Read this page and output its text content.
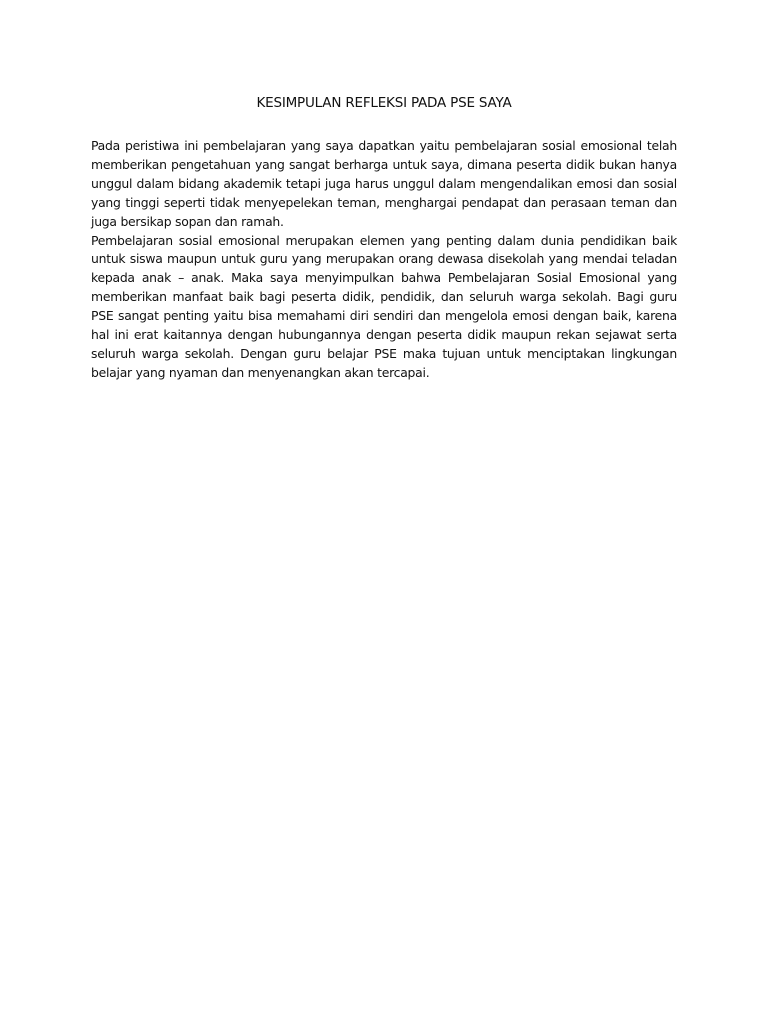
KESIMPULAN REFLEKSI PADA PSE SAYA

Pada peristiwa ini pembelajaran yang saya dapatkan yaitu pembelajaran sosial emosional telah memberikan pengetahuan yang sangat berharga untuk saya, dimana peserta didik bukan hanya unggul dalam bidang akademik tetapi juga harus unggul dalam mengendalikan emosi dan sosial yang tinggi seperti tidak menyepelekan teman, menghargai pendapat dan perasaan teman dan juga bersikap sopan dan ramah.

Pembelajaran sosial emosional merupakan elemen yang penting dalam dunia pendidikan baik untuk siswa maupun untuk guru yang merupakan orang dewasa disekolah yang mendai teladan kepada anak – anak. Maka saya menyimpulkan bahwa Pembelajaran Sosial Emosional yang memberikan manfaat baik bagi peserta didik, pendidik, dan seluruh warga sekolah. Bagi guru PSE sangat penting yaitu bisa memahami diri sendiri dan mengelola emosi dengan baik, karena hal ini erat kaitannya dengan hubungannya dengan peserta didik maupun rekan sejawat serta seluruh warga sekolah. Dengan guru belajar PSE maka tujuan untuk menciptakan lingkungan belajar yang nyaman dan menyenangkan akan tercapai.
